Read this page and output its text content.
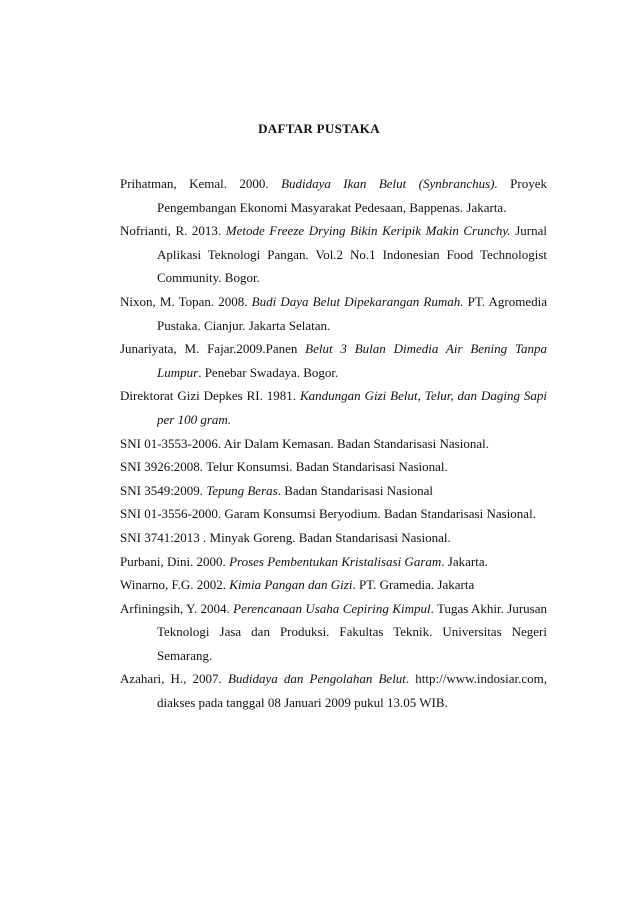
DAFTAR PUSTAKA
Prihatman, Kemal. 2000. Budidaya Ikan Belut (Synbranchus). Proyek Pengembangan Ekonomi Masyarakat Pedesaan, Bappenas. Jakarta.
Nofrianti, R. 2013. Metode Freeze Drying Bikin Keripik Makin Crunchy. Jurnal Aplikasi Teknologi Pangan. Vol.2 No.1 Indonesian Food Technologist Community. Bogor.
Nixon, M. Topan. 2008. Budi Daya Belut Dipekarangan Rumah. PT. Agromedia Pustaka. Cianjur. Jakarta Selatan.
Junariyata, M. Fajar.2009.Panen Belut 3 Bulan Dimedia Air Bening Tanpa Lumpur. Penebar Swadaya. Bogor.
Direktorat Gizi Depkes RI. 1981. Kandungan Gizi Belut, Telur, dan Daging Sapi per 100 gram.
SNI 01-3553-2006. Air Dalam Kemasan. Badan Standarisasi Nasional.
SNI 3926:2008. Telur Konsumsi. Badan Standarisasi Nasional.
SNI 3549:2009. Tepung Beras. Badan Standarisasi Nasional
SNI 01-3556-2000. Garam Konsumsi Beryodium. Badan Standarisasi Nasional.
SNI 3741:2013 . Minyak Goreng. Badan Standarisasi Nasional.
Purbani, Dini. 2000. Proses Pembentukan Kristalisasi Garam. Jakarta.
Winarno, F.G. 2002. Kimia Pangan dan Gizi. PT. Gramedia. Jakarta
Arfiningsih, Y. 2004. Perencanaan Usaha Cepiring Kimpul. Tugas Akhir. Jurusan Teknologi Jasa dan Produksi. Fakultas Teknik. Universitas Negeri Semarang.
Azahari, H., 2007. Budidaya dan Pengolahan Belut. http://www.indosiar.com, diakses pada tanggal 08 Januari 2009 pukul 13.05 WIB.
